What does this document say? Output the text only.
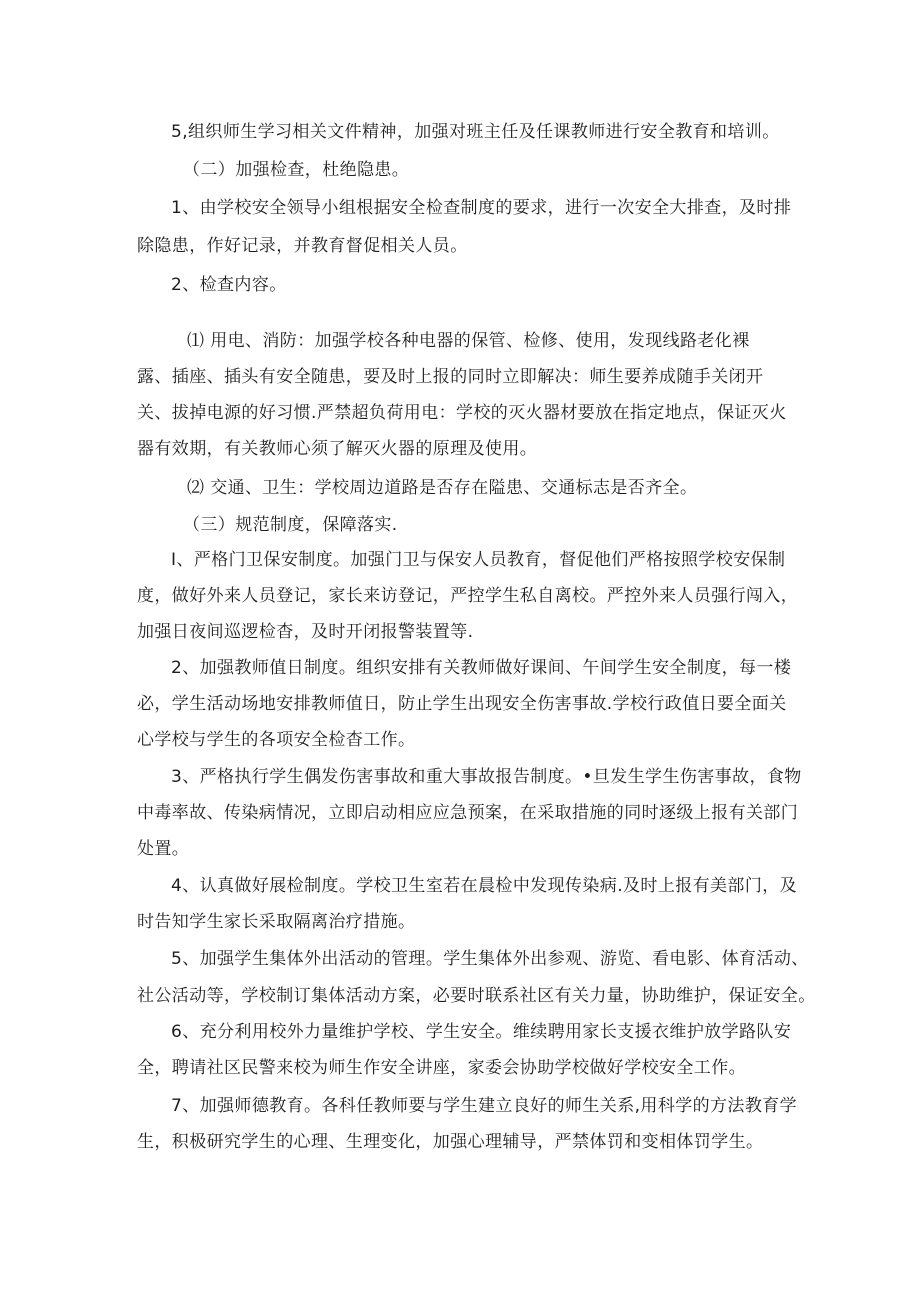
5,组织师生学习相关文件精神，加强对班主任及任课教师进行安全教育和培训。
（二）加强检查，杜绝隐患。
1、由学校安全领导小组根据安全检查制度的要求，进行一次安全大排查，及时排
除隐患，作好记录，并教育督促相关人员。
2、检查内容。
⑴ 用电、消防：加强学校各种电器的保管、检修、使用，发现线路老化裸
露、插座、插头有安全随患，要及时上报的同时立即解决：师生要养成随手关闭开
关、拔掉电源的好习惯.严禁超负荷用电：学校的灭火器材要放在指定地点，保证灭火
器有效期，有关教师心须了解灭火器的原理及使用。
⑵ 交通、卫生：学校周边道路是否存在隘患、交通标志是否齐全。
（三）规范制度，保障落实.
I、严格门卫保安制度。加强门卫与保安人员教育，督促他们严格按照学校安保制
度，做好外来人员登记，家长来访登记，严控学生私自离校。严控外来人员强行闯入，
加强日夜间巡逻检杳，及时开闭报警装置等.
2、加强教师值日制度。组织安排有关教师做好课间、午间学生安全制度，每一楼
必，学生活动场地安排教师值日，防止学生出现安全伤害事故.学校行政值日要全面关
心学校与学生的各项安全检杳工作。
3、严格执行学生偶发伤害事故和重大事故报告制度。•旦发生学生伤害事故，食物
中毒率故、传染病情况，立即启动相应应急预案，在采取措施的同时逐级上报有关部门
处置。
4、认真做好展检制度。学校卫生室若在晨检中发现传染病.及时上报有美部门，及
时告知学生家长采取隔离治疗措施。
5、加强学生集体外出活动的管理。学生集体外出参观、游览、看电影、体育活动、
社公活动等，学校制订集体活动方案，必要时联系社区有关力量，协助维护，保证安全。
6、充分利用校外力量维护学校、学生安全。维续聘用家长支援衣维护放学路队安
全，聘请社区民警来校为师生作安全讲座，家委会协助学校做好学校安全工作。
7、加强师德教育。各科任教师要与学生建立良好的师生关系,用科学的方法教育学
生，积极研究学生的心理、生理变化，加强心理辅导，严禁体罚和变相体罚学生。
